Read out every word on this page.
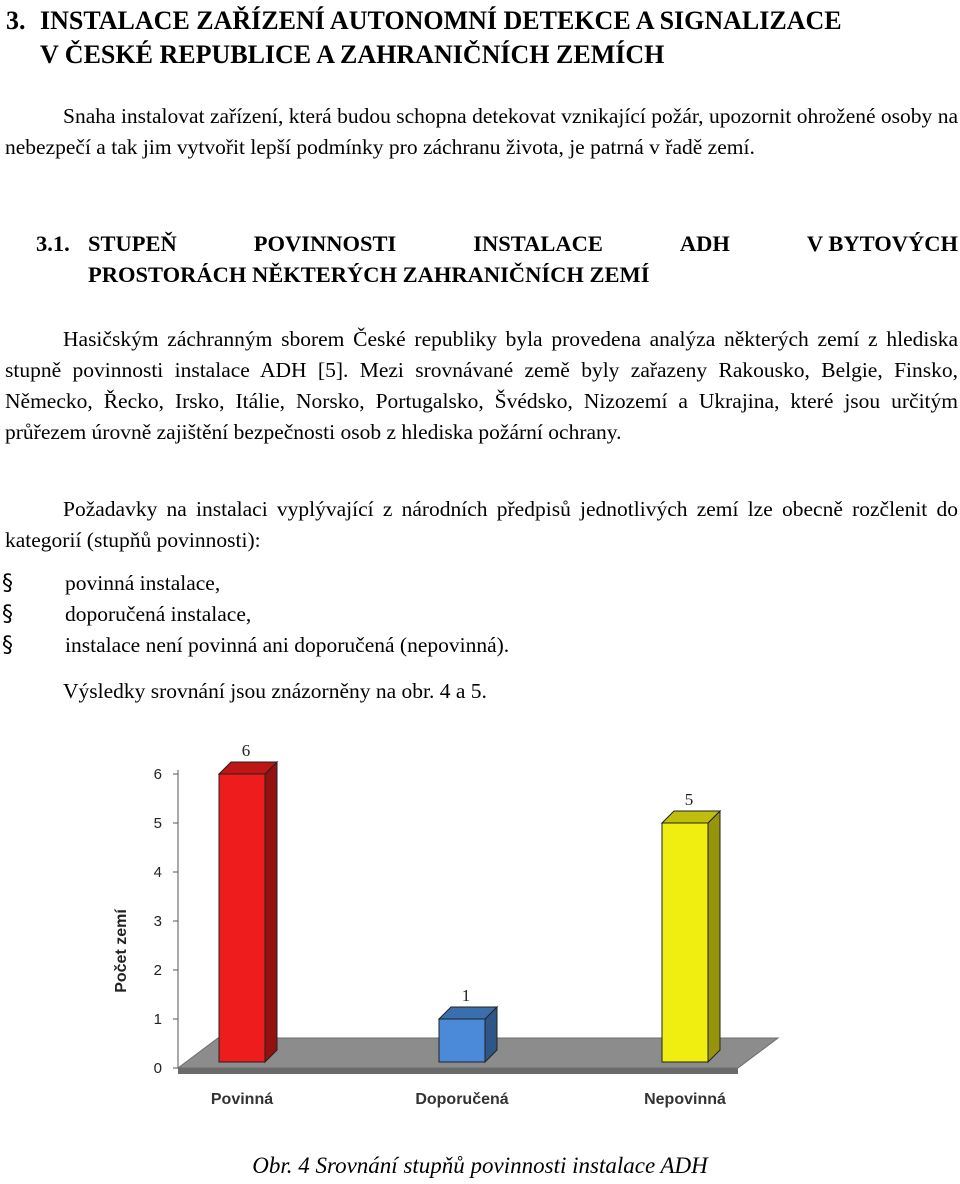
3. INSTALACE ZAŘÍZENÍ AUTONOMNÍ DETEKCE A SIGNALIZACE
V ČESKÉ REPUBLICE A ZAHRANIČNÍCH ZEMÍCH

Snaha instalovat zařízení, která budou schopna detekovat vznikající požár, upozornit ohrožené osoby na nebezpečí a tak jim vytvořit lepší podmínky pro záchranu života, je patrná v řadě zemí.

3.1. STUPEŇ	POVINNOSTI	INSTALACE	ADH	V BYTOVÝCH
PROSTORÁCH NĚKTERÝCH ZAHRANIČNÍCH ZEMÍ

Hasičským záchranným sborem České republiky byla provedena analýza některých zemí z hlediska stupně povinnosti instalace ADH [5]. Mezi srovnávané země byly zařazeny Rakousko, Belgie, Finsko, Německo, Řecko, Irsko, Itálie, Norsko, Portugalsko, Švédsko, Nizozemí a Ukrajina, které jsou určitým průřezem úrovně zajištění bezpečnosti osob z hlediska požární ochrany.

Požadavky na instalaci vyplývající z národních předpisů jednotlivých zemí lze obecně rozčlenit do kategorií (stupňů povinnosti):

§	povinná instalace,
§	doporučená instalace,
§	instalace není povinná ani doporučená (nepovinná).

Výsledky srovnání jsou znázorněny na obr. 4 a 5.

0
1
2
3
4
5
6
Počet zemí
6
Povinná
1
Doporučená
5
Nepovinná
Obr. 4 Srovnání stupňů povinnosti instalace ADH
